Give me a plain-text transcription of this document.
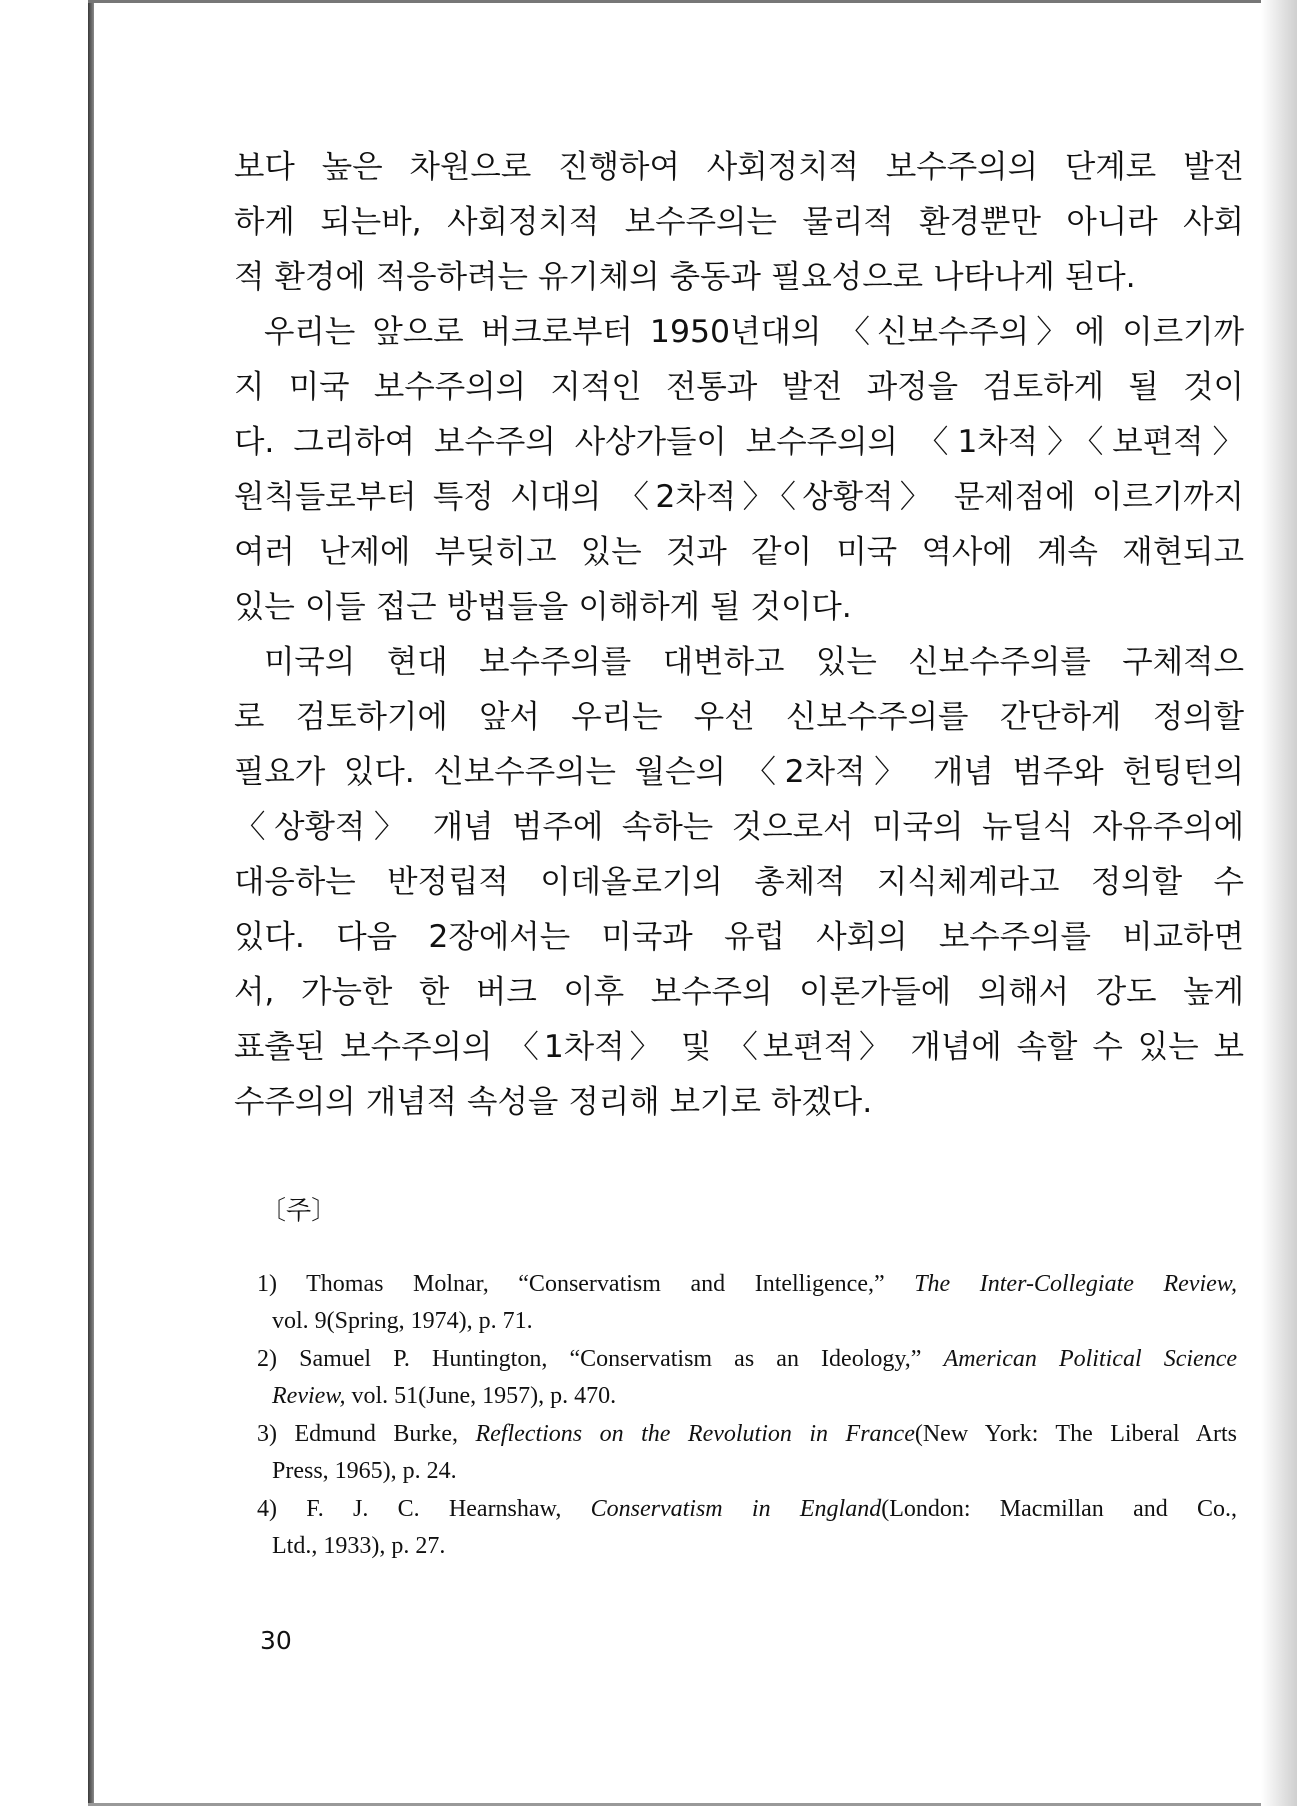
보다 높은 차원으로 진행하여 사회정치적 보수주의의 단계로 발전
하게 되는바, 사회정치적 보수주의는 물리적 환경뿐만 아니라 사회
적 환경에 적응하려는 유기체의 충동과 필요성으로 나타나게 된다.
우리는 앞으로 버크로부터 1950년대의 〈신보수주의〉에 이르기까
지 미국 보수주의의 지적인 전통과 발전 과정을 검토하게 될 것이
다. 그리하여 보수주의 사상가들이 보수주의의 〈1차적〉〈보편적〉
원칙들로부터 특정 시대의 〈2차적〉〈상황적〉 문제점에 이르기까지
여러 난제에 부딪히고 있는 것과 같이 미국 역사에 계속 재현되고
있는 이들 접근 방법들을 이해하게 될 것이다.
미국의 현대 보수주의를 대변하고 있는 신보수주의를 구체적으
로 검토하기에 앞서 우리는 우선 신보수주의를 간단하게 정의할
필요가 있다. 신보수주의는 월슨의 〈2차적〉 개념 범주와 헌팅턴의
〈상황적〉 개념 범주에 속하는 것으로서 미국의 뉴딜식 자유주의에
대응하는 반정립적 이데올로기의 총체적 지식체계라고 정의할 수
있다. 다음 2장에서는 미국과 유럽 사회의 보수주의를 비교하면
서, 가능한 한 버크 이후 보수주의 이론가들에 의해서 강도 높게
표출된 보수주의의 〈1차적〉 및 〈보편적〉 개념에 속할 수 있는 보
수주의의 개념적 속성을 정리해 보기로 하겠다.
〔주〕
1) Thomas Molnar, “Conservatism and Intelligence,” The Inter-Collegiate Review,
vol. 9(Spring, 1974), p. 71.
2) Samuel P. Huntington, “Conservatism as an Ideology,” American Political Science
Review, vol. 51(June, 1957), p. 470.
3) Edmund Burke, Reflections on the Revolution in France(New York: The Liberal Arts
Press, 1965), p. 24.
4) F. J. C. Hearnshaw, Conservatism in England(London: Macmillan and Co.,
Ltd., 1933), p. 27.
30
